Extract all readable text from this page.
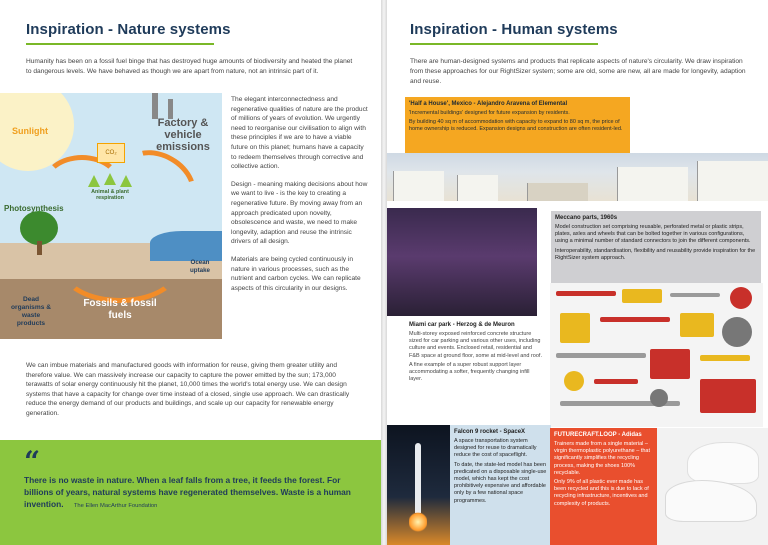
Inspiration - Nature systems
Humanity has been on a fossil fuel binge that has destroyed huge amounts of biodiversity and heated the planet to dangerous levels. We have behaved as though we are apart from nature, not an intrinsic part of it.
CO₂
Sunlight
Factory & vehicle emissions
Photosynthesis
Animal & plant respiration
Ocean uptake
Dead organisms & waste products
Fossils & fossil fuels

The elegant interconnectedness and regenerative qualities of nature are the product of millions of years of evolution. We urgently need to reorganise our civilisation to align with these principles if we are to have a viable future on this planet; humans have a capacity to redeem themselves through corrective and collective action.

Design - meaning making decisions about how we want to live - is the key to creating a regenerative future. By moving away from an approach predicated upon novelty, obsolescence and waste, we need to make longevity, adaption and reuse the intrinsic drivers of all design.

Materials are being cycled continuously in nature in various processes, such as the nutrient and carbon cycles. We can replicate aspects of this circularity in our designs.

We can imbue materials and manufactured goods with information for reuse, giving them greater utility and therefore value. We can massively increase our capacity to capture the power emitted by the sun; 173,000 terawatts of solar energy continuously hit the planet, 10,000 times the world's total energy use. We can design systems that have a capacity for change over time instead of a closed, single use approach. We can drastically reduce the energy demand of our products and buildings, and scale up our capacity for renewable energy generation.
“
There is no waste in nature. When a leaf falls from a tree, it feeds the forest. For billions of years, natural systems have regenerated themselves. Waste is a human invention. The Ellen MacArthur Foundation
Inspiration - Human systems
There are human-designed systems and products that replicate aspects of nature's circularity. We draw inspiration from these approaches for our RightSizer system; some are old, some are new, all are made for longevity, adaption and reuse.
'Half a House', Mexico - Alejandro Aravena of Elemental
'Incremental buildings' designed for future expansion by residents.
By building 40 sq m of accommodation with capacity to expand to 80 sq m, the price of home ownership is reduced. Expansion designs and construction are often resident-led.
Meccano parts, 1960s
Model construction set comprising reusable, perforated metal or plastic strips, plates, axles and wheels that can be bolted together in various configurations, using a minimal number of standard connectors to join the different components.
Interoperability, standardisation, flexibility and reusability provide inspiration for the RightSizer system approach.
Miami car park - Herzog & de Meuron
Multi-storey exposed reinforced concrete structure sized for car parking and various other uses, including culture and events. Enclosed retail, residential and F&B space at ground floor, some at mid-level and roof.
A fine example of a super robust support layer accommodating a softer, frequently changing infill layer.
Falcon 9 rocket - SpaceX
A space transportation system designed for reuse to dramatically reduce the cost of spaceflight.
To date, the state-led model has been predicated on a disposable single-use model, which has kept the cost prohibitively expensive and affordable only by a few national space programmes.
FUTURECRAFT.LOOP - Adidas
Trainers made from a single material – virgin thermoplastic polyurethane – that significantly simplifies the recycling process, making the shoes 100% recyclable.
Only 9% of all plastic ever made has been recycled and this is due to lack of recycling infrastructure, incentives and complexity of products.
